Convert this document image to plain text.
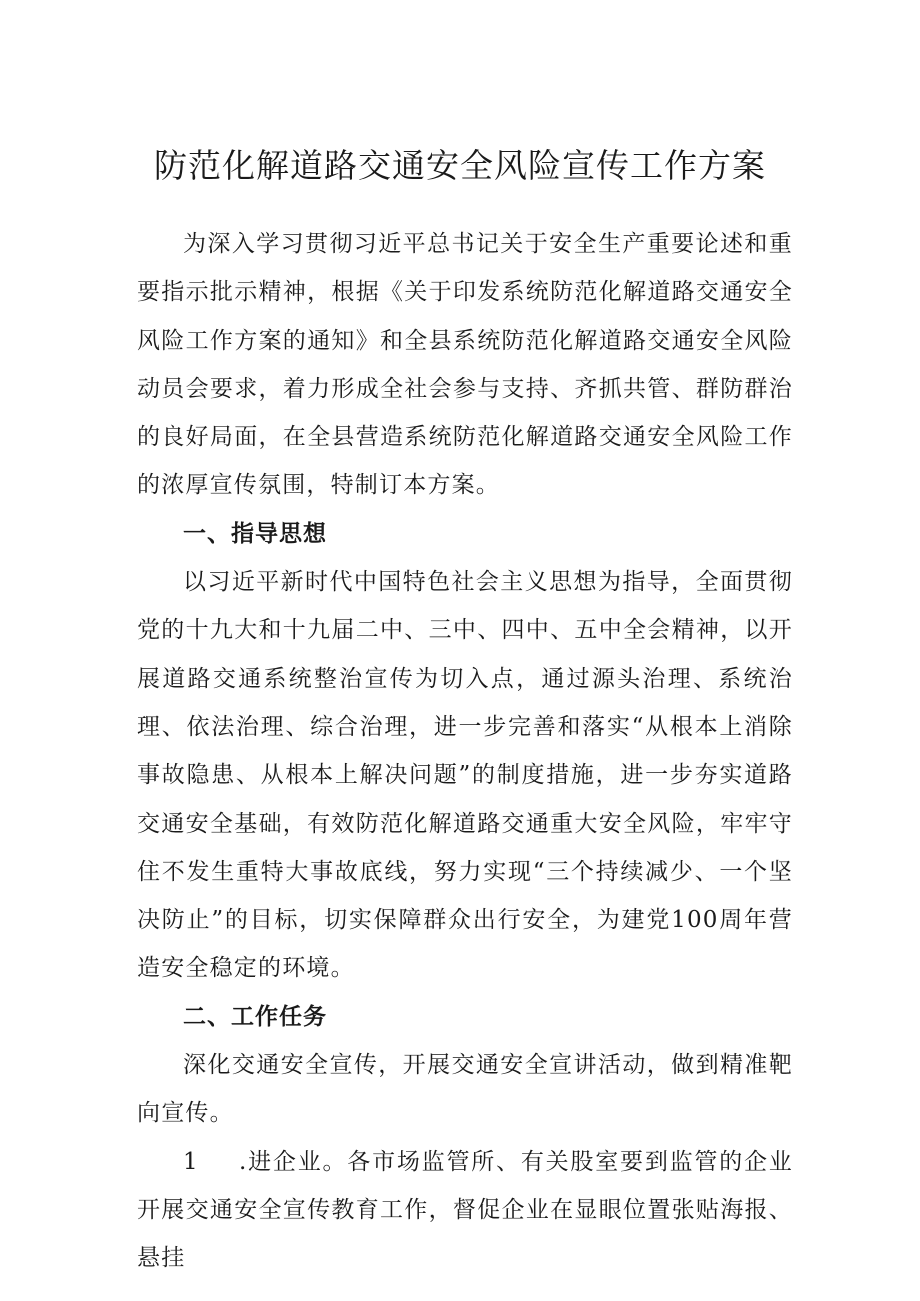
防范化解道路交通安全风险宣传工作方案

为深入学习贯彻习近平总书记关于安全生产重要论述和重要指示批示精神，根据《关于印发系统防范化解道路交通安全风险工作方案的通知》和全县系统防范化解道路交通安全风险动员会要求，着力形成全社会参与支持、齐抓共管、群防群治的良好局面，在全县营造系统防范化解道路交通安全风险工作的浓厚宣传氛围，特制订本方案。

一、指导思想

以习近平新时代中国特色社会主义思想为指导，全面贯彻党的十九大和十九届二中、三中、四中、五中全会精神，以开展道路交通系统整治宣传为切入点，通过源头治理、系统治理、依法治理、综合治理，进一步完善和落实“从根本上消除事故隐患、从根本上解决问题”的制度措施，进一步夯实道路交通安全基础，有效防范化解道路交通重大安全风险，牢牢守住不发生重特大事故底线，努力实现“三个持续减少、一个坚决防止”的目标，切实保障群众出行安全，为建党100周年营造安全稳定的环境。

二、工作任务

深化交通安全宣传，开展交通安全宣讲活动，做到精准靶向宣传。

1 .进企业。各市场监管所、有关股室要到监管的企业开展交通安全宣传教育工作，督促企业在显眼位置张贴海报、悬挂
